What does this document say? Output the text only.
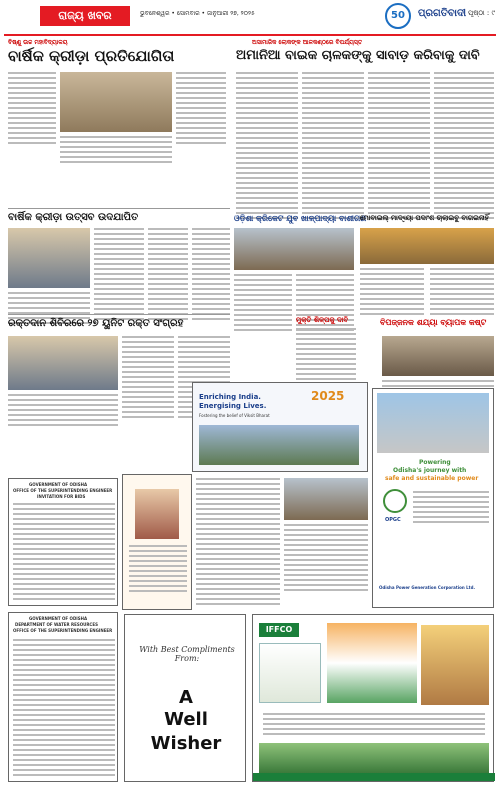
ରାଜ୍ୟ ଖବର	ଭୁବନେଶ୍ୱର • ସୋମବାର • ଜାନୁଆରୀ ୨୭, ୨୦୨୫	50	ପ୍ରଗତିବାଦୀ ପୃଷ୍ଠା : ୯
ବିଷ୍ଣୁ ଉଚ୍ଚ ମହାବିଦ୍ୟାଳୟ
ବାର୍ଷିକ କ୍ରୀଡ଼ା ପ୍ରତିଯୋଗିତା
ଅସାମାଜିକ ଲୋକଙ୍କ ଆଳକଣ୍ଠରେ ବିପର୍ଯ୍ୟସ୍ତ
ଅମାନିଆ ବାଇକ ଚାଳକଙ୍କୁ ସାବାଡ଼ କରିବାକୁ ଦାବି
ବାର୍ଷିକ କ୍ରୀଡ଼ା ଉତ୍ସବ ଉଦଯାପିତ	ଓଡ଼ିଶା କ୍ରିକେଟ ଯୁବ ଖାଳ୍ପାଦ୍ୟା ବାଶୀଗଣ
ମୋବାଇଲ୍ ମାଦ୍ଯ୍ୟା ପଦାଂଶ ଚାଲାଇବୁ ବାଗଇନାହିଁ
ରକ୍ତଦାନ ଶିବିରରେ ୨୭ ୟୁନିଟ ରକ୍ତ ସଂଗ୍ରହ	ମୁକ୍ତି ଶିଳ୍ପକୁ ଦାବି	ବିପଜ୍ଜନକ ଶଯ୍ୟା ବ୍ୟାପକ କଷ୍ଟ
Enriching India.
Energising Lives.
Fostering the belief of Viksit Bharat
2025
Powering
Odisha's journey with
safe and sustainable power
OPGC
Odisha Power Generation Corporation Ltd.
GOVERNMENT OF ODISHA
OFFICE OF THE SUPERINTENDING ENGINEER
INVITATION FOR BIDS
GOVERNMENT OF ODISHA
DEPARTMENT OF WATER RESOURCES
OFFICE OF THE SUPERINTENDING ENGINEER
With Best Compliments From:
A
Well
Wisher
IFFCO
